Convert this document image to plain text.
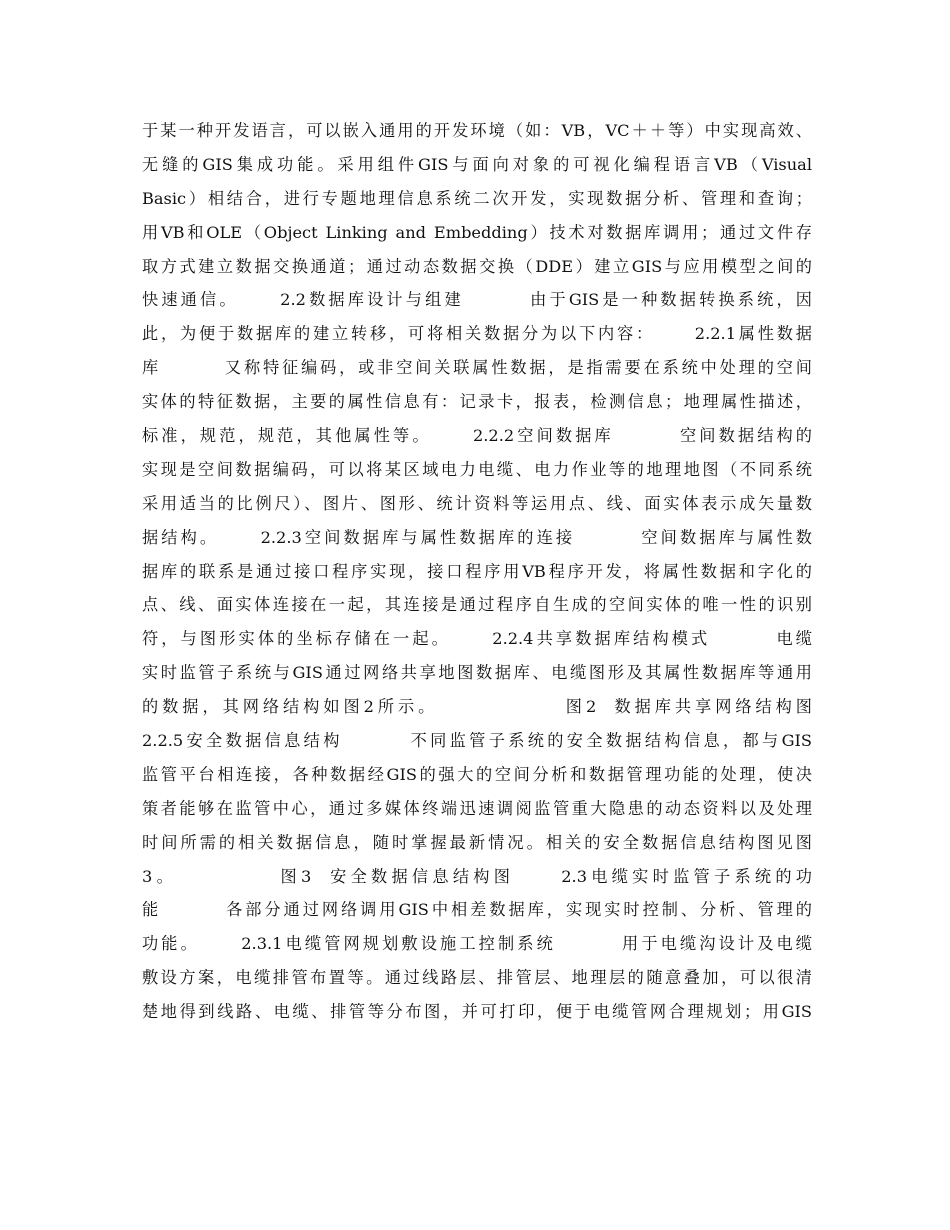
于某一种开发语言，可以嵌入通用的开发环境（如：VB，VC＋＋等）中实现高效、
无缝的GIS集成功能。采用组件GIS与面向对象的可视化编程语言VB（Visual
Basic）相结合，进行专题地理信息系统二次开发，实现数据分析、管理和查询；
用VB和OLE（Object Linking and Embedding）技术对数据库调用；通过文件存
取方式建立数据交换通道；通过动态数据交换（DDE）建立GIS与应用模型之间的
快速通信。     2.2数据库设计与组建        由于GIS是一种数据转换系统，因
此，为便于数据库的建立转移，可将相关数据分为以下内容：     2.2.1属性数据
库        又称特征编码，或非空间关联属性数据，是指需要在系统中处理的空间
实体的特征数据，主要的属性信息有：记录卡，报表，检测信息；地理属性描述，
标准，规范，规范，其他属性等。     2.2.2空间数据库        空间数据结构的
实现是空间数据编码，可以将某区域电力电缆、电力作业等的地理地图（不同系统
采用适当的比例尺）、图片、图形、统计资料等运用点、线、面实体表示成矢量数
据结构。     2.2.3空间数据库与属性数据库的连接        空间数据库与属性数
据库的联系是通过接口程序实现，接口程序用VB程序开发，将属性数据和字化的
点、线、面实体连接在一起，其连接是通过程序自生成的空间实体的唯一性的识别
符，与图形实体的坐标存储在一起。     2.2.4共享数据库结构模式        电缆
实时监管子系统与GIS通过网络共享地图数据库、电缆图形及其属性数据库等通用
的数据，其网络结构如图2所示。              图2  数据库共享网络结构图
2.2.5安全数据信息结构        不同监管子系统的安全数据结构信息，都与GIS
监管平台相连接，各种数据经GIS的强大的空间分析和数据管理功能的处理，使决
策者能够在监管中心，通过多媒体终端迅速调阅监管重大隐患的动态资料以及处理
时间所需的相关数据信息，随时掌握最新情况。相关的安全数据信息结构图见图
3。           图3  安全数据信息结构图     2.3电缆实时监管子系统的功
能        各部分通过网络调用GIS中相差数据库，实现实时控制、分析、管理的
功能。     2.3.1电缆管网规划敷设施工控制系统        用于电缆沟设计及电缆
敷设方案，电缆排管布置等。通过线路层、排管层、地理层的随意叠加，可以很清
楚地得到线路、电缆、排管等分布图，并可打印，便于电缆管网合理规划；用GIS
